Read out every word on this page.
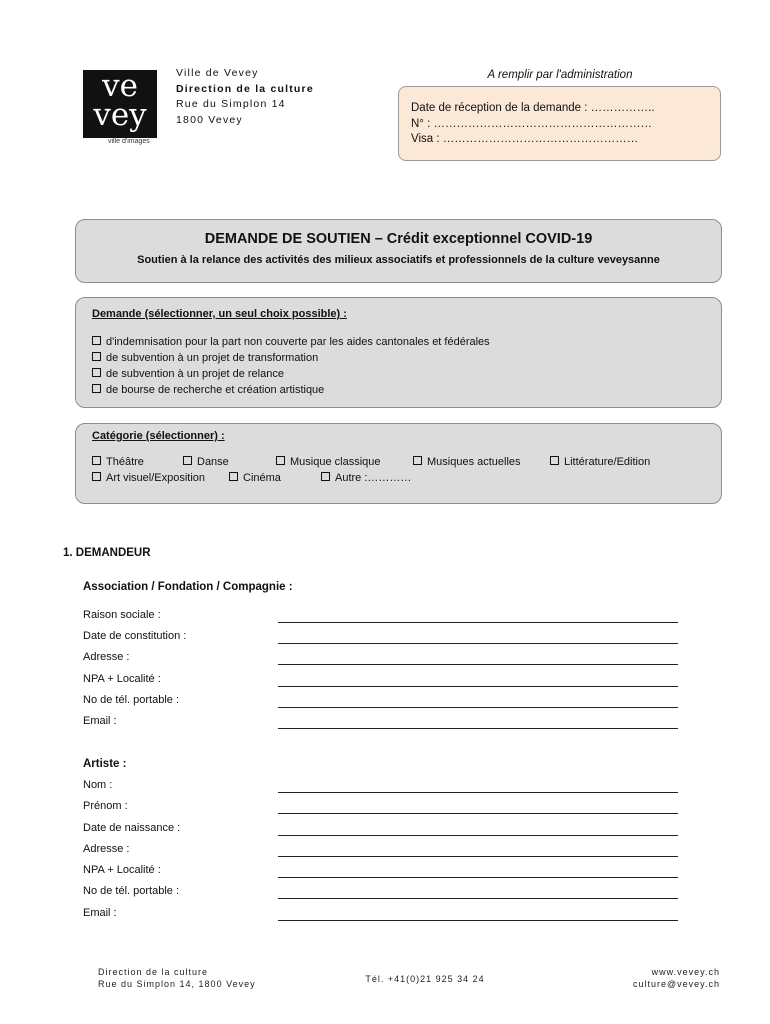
ve
vey
ville d'images
Ville de Vevey
Direction de la culture
Rue du Simplon 14
1800 Vevey
A remplir par l'administration
Date de réception de la demande : ……………..
N° : …………………………………………………
Visa : ……………………………………………
DEMANDE DE SOUTIEN – Crédit exceptionnel COVID-19
Soutien à la relance des activités des milieux associatifs et professionnels de la culture veveysanne
Demande (sélectionner, un seul choix possible) :
d'indemnisation pour la part non couverte par les aides cantonales et fédérales
de subvention à un projet de transformation
de subvention à un projet de relance
de bourse de recherche et création artistique
Catégorie (sélectionner) :
Théâtre	Danse	Musique classique	Musiques actuelles	Littérature/Edition
Art visuel/Exposition	Cinéma	Autre :…………
1. DEMANDEUR
Association / Fondation / Compagnie :
Raison sociale :
Date de constitution :
Adresse :
NPA + Localité :
No de tél. portable :
Email :
Artiste :
Nom :
Prénom :
Date de naissance :
Adresse :
NPA + Localité :
No de tél. portable :
Email :
Direction de la culture
Rue du Simplon 14, 1800 Vevey	Tél. +41(0)21 925 34 24
www.vevey.ch
culture@vevey.ch
